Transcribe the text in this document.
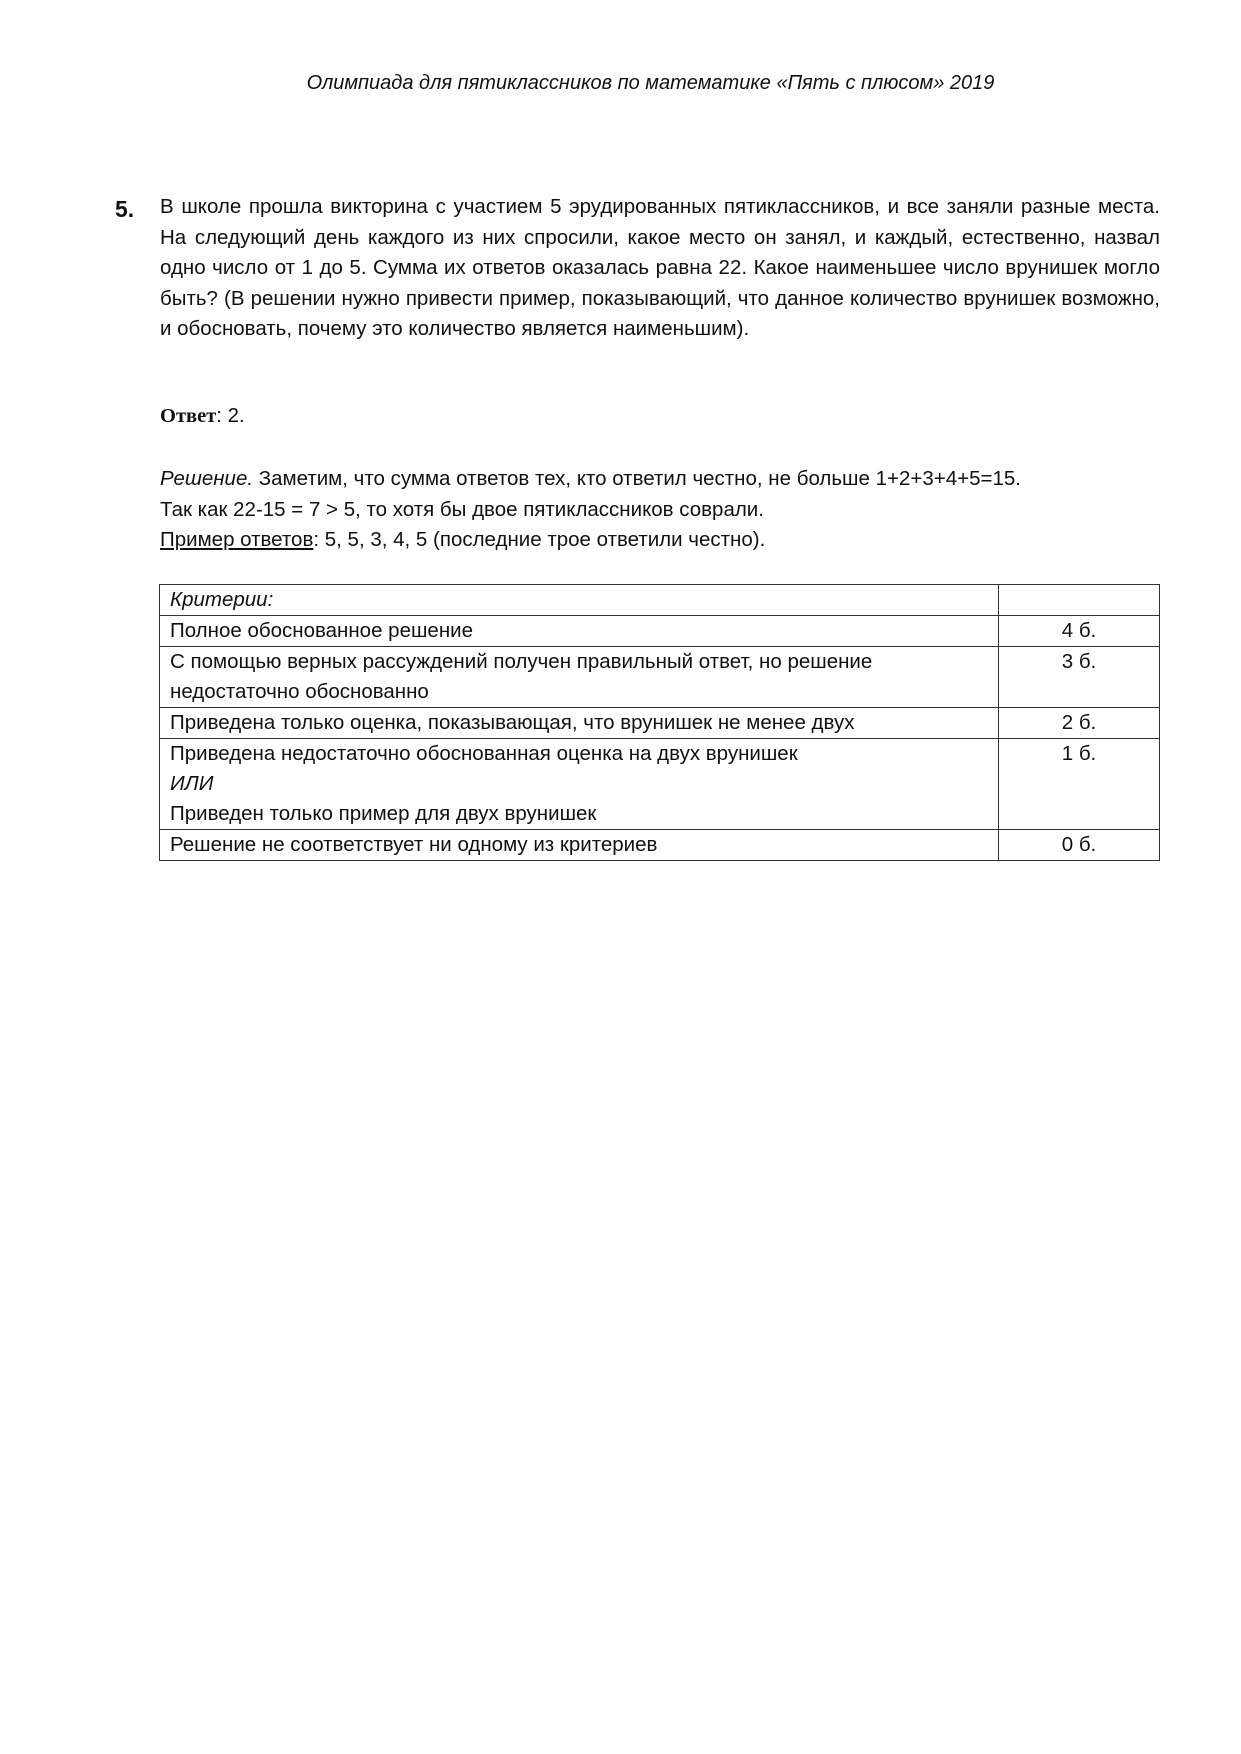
Олимпиада для пятиклассников по математике «Пять с плюсом» 2019
5. В школе прошла викторина с участием 5 эрудированных пятиклассников, и все заняли разные места. На следующий день каждого из них спросили, какое место он занял, и каждый, естественно, назвал одно число от 1 до 5. Сумма их ответов оказалась равна 22. Какое наименьшее число врунишек могло быть? (В решении нужно привести пример, показывающий, что данное количество врунишек возможно, и обосновать, почему это количество является наименьшим).

Ответ: 2.

Решение. Заметим, что сумма ответов тех, кто ответил честно, не больше 1+2+3+4+5=15.
Так как 22-15 = 7 > 5, то хотя бы двое пятиклассников соврали.
Пример ответов: 5, 5, 3, 4, 5 (последние трое ответили честно).
Критерии:	
Полное обоснованное решение	4 б.
С помощью верных рассуждений получен правильный ответ, но решение недостаточно обоснованно	3 б.
Приведена только оценка, показывающая, что врунишек не менее двух	2 б.

Приведена недостаточно обоснованная оценка на двух врунишек
ИЛИ
Приведен только пример для двух врунишек	1 б.
Решение не соответствует ни одному из критериев	0 б.
